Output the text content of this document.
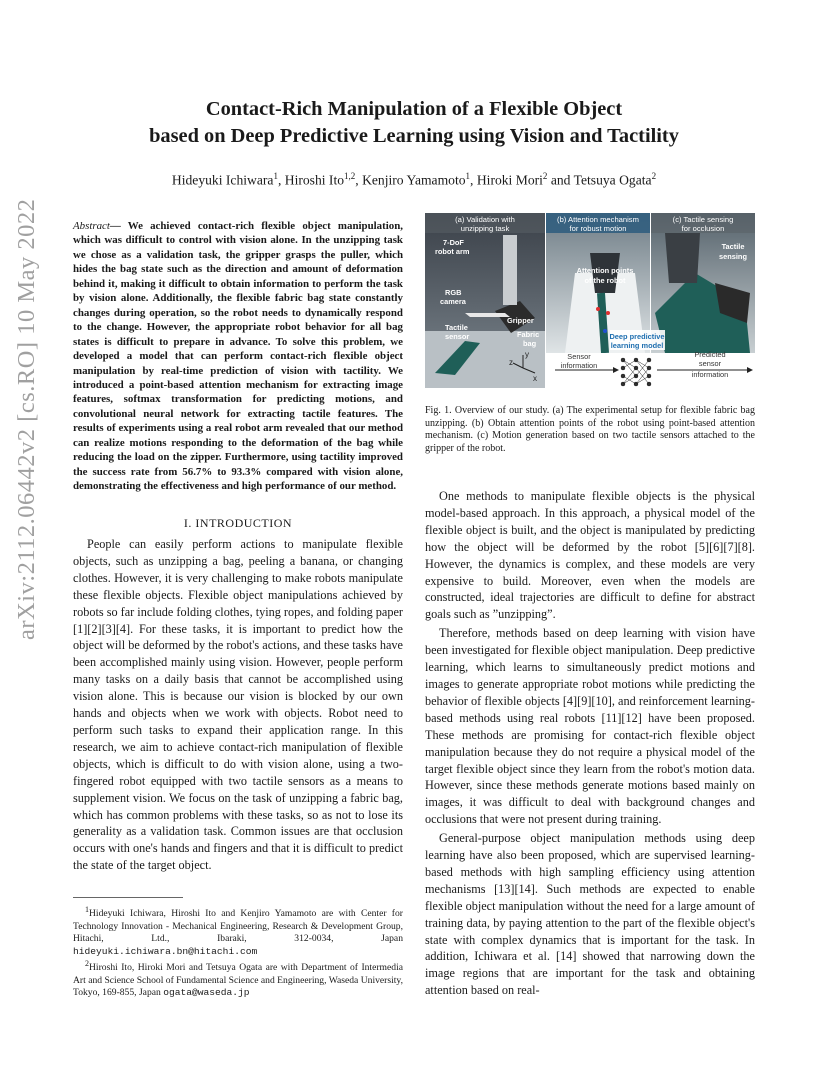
Contact-Rich Manipulation of a Flexible Object
based on Deep Predictive Learning using Vision and Tactility
Hideyuki Ichiwara$^1$, Hiroshi Ito$^{1,2}$, Kenjiro Yamamoto$^1$, Hiroki Mori$^2$ and Tetsuya Ogata$^2$
arXiv:2112.06442v2 [cs.RO] 10 May 2022	Abstract— We achieved contact-rich flexible object manipulation, which was difficult to control with vision alone. In the unzipping task we chose as a validation task, the gripper grasps the puller, which hides the bag state such as the direction and amount of deformation behind it, making it difficult to obtain information to perform the task by vision alone. Additionally, the flexible fabric bag state constantly changes during operation, so the robot needs to dynamically respond to the change. However, the appropriate robot behavior for all bag states is difficult to prepare in advance. To solve this problem, we developed a model that can perform contact-rich flexible object manipulation by real-time prediction of vision with tactility. We introduced a point-based attention mechanism for extracting image features, softmax transformation for predicting motions, and convolutional neural network for extracting tactile features. The results of experiments using a real robot arm revealed that our method can realize motions responding to the deformation of the bag while reducing the load on the zipper. Furthermore, using tactility improved the success rate from 56.7% to 93.3% compared with vision alone, demonstrating the effectiveness and high performance of our method.
I. INTRODUCTION

People can easily perform actions to manipulate flexible objects, such as unzipping a bag, peeling a banana, or changing clothes. However, it is very challenging to make robots manipulate these flexible objects. Flexible object manipulations achieved by robots so far include folding clothes, tying ropes, and folding paper [1][2][3][4]. For these tasks, it is important to predict how the object will be deformed by the robot's actions, and these tasks have been accomplished mainly using vision. However, people perform many tasks on a daily basis that cannot be accomplished using vision alone. This is because our vision is blocked by our own hands and objects when we work with objects. Robot need to perform such tasks to expand their application range. In this research, we aim to achieve contact-rich manipulation of flexible objects, which is difficult to do with vision alone, using a two-fingered robot equipped with two tactile sensors as a means to supplement vision. We focus on the task of unzipping a fabric bag, which has common problems with these tasks, so as not to lose its generality as a validation task. Common issues are that occlusion occurs with one's hands and fingers and that it is difficult to predict the state of the target object.

$^1$Hideyuki Ichiwara, Hiroshi Ito and Kenjiro Yamamoto are with Center for Technology Innovation - Mechanical Engineering, Research & Development Group, Hitachi, Ltd., Ibaraki, 312-0034, Japan hideyuki.ichiwara.bn@hitachi.com

$^2$Hiroshi Ito, Hiroki Mori and Tetsuya Ogata are with Department of Intermedia Art and Science School of Fundamental Science and Engineering, Waseda University, Tokyo, 169-855, Japan ogata@waseda.jp

(a) Validation with
unzipping task
(b) Attention mechanism
for robust motion
(c) Tactile sensing
for occlusion
7-DoF
robot arm
RGB
camera
Tactile
sensor
Gripper
Fabric
bag
z
y
x
Attention points
of the robot
Tactile
sensing
Deep predictive
learning model
Sensor
information
Predicted
sensor
information
Fig. 1. Overview of our study. (a) The experimental setup for flexible fabric bag unzipping. (b) Obtain attention points of the robot using point-based attention mechanism. (c) Motion generation based on two tactile sensors attached to the gripper of the robot.

One methods to manipulate flexible objects is the physical model-based approach. In this approach, a physical model of the flexible object is built, and the object is manipulated by predicting how the object will be deformed by the robot [5][6][7][8]. However, the dynamics is complex, and these models are very expensive to build. Moreover, even when the models are constructed, ideal trajectories are difficult to define for abstract goals such as ”unzipping”.

Therefore, methods based on deep learning with vision have been investigated for flexible object manipulation. Deep predictive learning, which learns to simultaneously predict motions and images to generate appropriate robot motions while predicting the behavior of flexible objects [4][9][10], and reinforcement learning-based methods using real robots [11][12] have been proposed. These methods are promising for contact-rich flexible object manipulation because they do not require a physical model of the target flexible object since they learn from the robot's motion data. However, since these methods generate motions based mainly on images, it was difficult to deal with background changes and occlusions that were not present during training.

General-purpose object manipulation methods using deep learning have also been proposed, which are supervised learning-based methods with high sampling efficiency using attention mechanisms [13][14]. Such methods are expected to enable flexible object manipulation without the need for a large amount of training data, by paying attention to the part of the flexible object's state with complex dynamics that is important for the task. In addition, Ichiwara et al. [14] showed that narrowing down the image regions that are important for the task and obtaining attention based on real-
